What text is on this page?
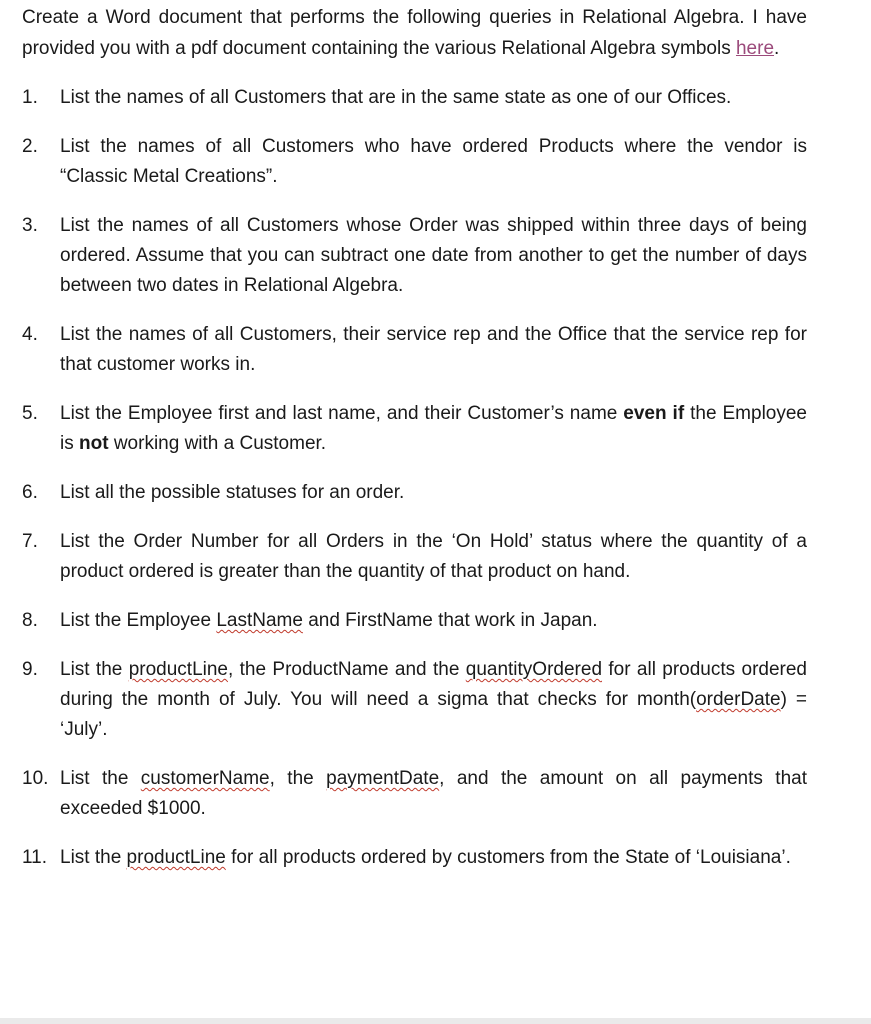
Create a Word document that performs the following queries in Relational Algebra. I have provided you with a pdf document containing the various Relational Algebra symbols here.

1.	List the names of all Customers that are in the same state as one of our Offices.
2.	List the names of all Customers who have ordered Products where the vendor is “Classic Metal Creations”.
3.	List the names of all Customers whose Order was shipped within three days of being ordered. Assume that you can subtract one date from another to get the number of days between two dates in Relational Algebra.
4.	List the names of all Customers, their service rep and the Office that the service rep for that customer works in.
5.	List the Employee first and last name, and their Customer’s name even if the Employee is not working with a Customer.
6.	List all the possible statuses for an order.
7.	List the Order Number for all Orders in the ‘On Hold’ status where the quantity of a product ordered is greater than the quantity of that product on hand.
8.	List the Employee LastName and FirstName that work in Japan.
9.	List the productLine, the ProductName and the quantityOrdered for all products ordered during the month of July. You will need a sigma that checks for month(orderDate) = ‘July’.
10. List the customerName, the paymentDate, and the amount on all payments that exceeded $1000.
11. List the productLine for all products ordered by customers from the State of ‘Louisiana’.
